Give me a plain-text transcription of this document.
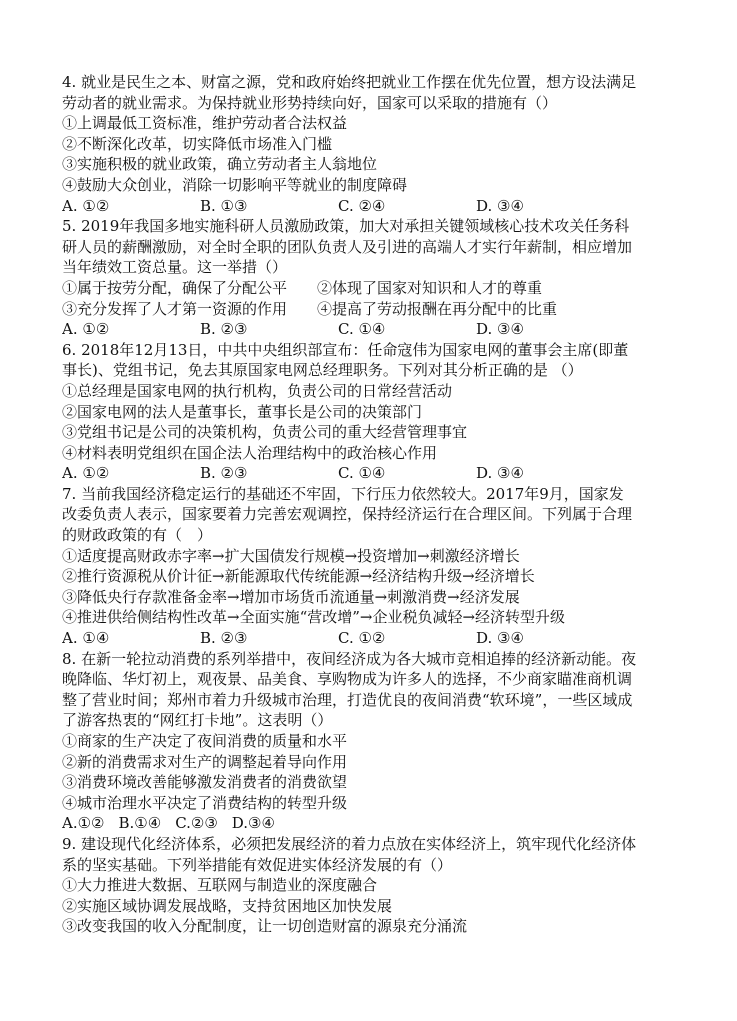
4. 就业是民生之本、财富之源，党和政府始终把就业工作摆在优先位置，想方设法满足
劳动者的就业需求。为保持就业形势持续向好，国家可以采取的措施有（）
①上调最低工资标准，维护劳动者合法权益
②不断深化改革，切实降低市场准入门槛
③实施积极的就业政策，确立劳动者主人翁地位
④鼓励大众创业，消除一切影响平等就业的制度障碍
A. ①②	B. ①③	C. ②④	D. ③④
5. 2019年我国多地实施科研人员激励政策，加大对承担关键领域核心技术攻关任务科
研人员的薪酬激励，对全时全职的团队负责人及引进的高端人才实行年薪制，相应增加
当年绩效工资总量。这一举措（）
①属于按劳分配，确保了分配公平　　②体现了国家对知识和人才的尊重
③充分发挥了人才第一资源的作用　　④提高了劳动报酬在再分配中的比重
A. ①②	B. ②③	C. ①④	D. ③④
6. 2018年12月13日，中共中央组织部宣布：任命寇伟为国家电网的董事会主席(即董
事长)、党组书记，免去其原国家电网总经理职务。下列对其分析正确的是 （）
①总经理是国家电网的执行机构，负责公司的日常经营活动
②国家电网的法人是董事长，董事长是公司的决策部门
③党组书记是公司的决策机构，负责公司的重大经营管理事宜
④材料表明党组织在国企法人治理结构中的政治核心作用
A. ①②	B. ②③	C. ①④	D. ③④
7. 当前我国经济稳定运行的基础还不牢固，下行压力依然较大。2017年9月，国家发
改委负责人表示，国家要着力完善宏观调控，保持经济运行在合理区间。下列属于合理
的财政政策的有（　）
①适度提高财政赤字率→扩大国债发行规模→投资增加→刺激经济增长
②推行资源税从价计征→新能源取代传统能源→经济结构升级→经济增长
③降低央行存款准备金率→增加市场货币流通量→刺激消费→经济发展
④推进供给侧结构性改革→全面实施“营改增”→企业税负减轻→经济转型升级
A. ①④	B. ②③	C. ①②	D. ③④
8. 在新一轮拉动消费的系列举措中，夜间经济成为各大城市竞相追捧的经济新动能。夜
晚降临、华灯初上，观夜景、品美食、享购物成为许多人的选择，不少商家瞄准商机调
整了营业时间；郑州市着力升级城市治理，打造优良的夜间消费“软环境”，一些区域成
了游客热衷的“网红打卡地”。这表明（）
①商家的生产决定了夜间消费的质量和水平
②新的消费需求对生产的调整起着导向作用
③消费环境改善能够激发消费者的消费欲望
④城市治理水平决定了消费结构的转型升级
A.①② B.①④ C.②③ D.③④
9. 建设现代化经济体系，必须把发展经济的着力点放在实体经济上，筑牢现代化经济体
系的坚实基础。下列举措能有效促进实体经济发展的有（）
①大力推进大数据、互联网与制造业的深度融合
②实施区域协调发展战略，支持贫困地区加快发展
③改变我国的收入分配制度，让一切创造财富的源泉充分涌流
